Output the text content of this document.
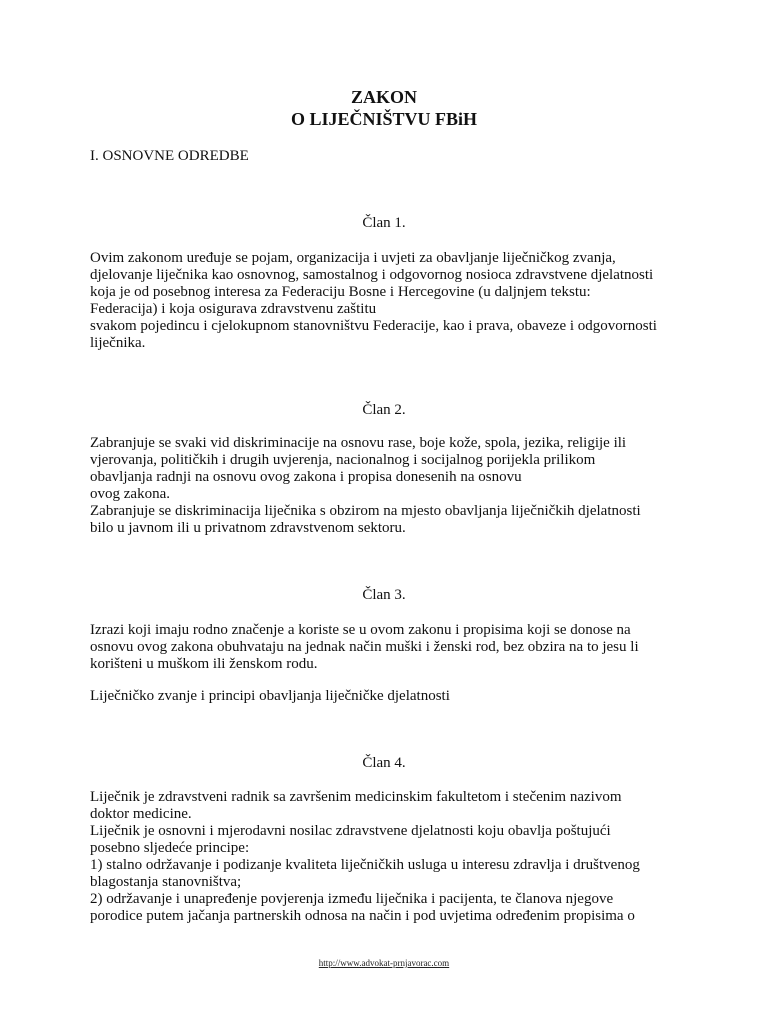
ZAKON
O LIJEČNIŠTVU FBiH

I. OSNOVNE ODREDBE

Član 1.

Ovim zakonom uređuje se pojam, organizacija i uvjeti za obavljanje liječničkog zvanja,
djelovanje liječnika kao osnovnog, samostalnog i odgovornog nosioca zdravstvene djelatnosti
koja je od posebnog interesa za Federaciju Bosne i Hercegovine (u daljnjem tekstu:
Federacija) i koja osigurava zdravstvenu zaštitu
svakom pojedincu i cjelokupnom stanovništvu Federacije, kao i prava, obaveze i odgovornosti
liječnika.

Član 2.

Zabranjuje se svaki vid diskriminacije na osnovu rase, boje kože, spola, jezika, religije ili
vjerovanja, političkih i drugih uvjerenja, nacionalnog i socijalnog porijekla prilikom
obavljanja radnji na osnovu ovog zakona i propisa donesenih na osnovu
ovog zakona.
Zabranjuje se diskriminacija liječnika s obzirom na mjesto obavljanja liječničkih djelatnosti
bilo u javnom ili u privatnom zdravstvenom sektoru.

Član 3.

Izrazi koji imaju rodno značenje a koriste se u ovom zakonu i propisima koji se donose na
osnovu ovog zakona obuhvataju na jednak način muški i ženski rod, bez obzira na to jesu li
korišteni u muškom ili ženskom rodu.

Liječničko zvanje i principi obavljanja liječničke djelatnosti

Član 4.

Liječnik je zdravstveni radnik sa završenim medicinskim fakultetom i stečenim nazivom
doktor medicine.
Liječnik je osnovni i mjerodavni nosilac zdravstvene djelatnosti koju obavlja poštujući
posebno sljedeće principe:
1) stalno održavanje i podizanje kvaliteta liječničkih usluga u interesu zdravlja i društvenog
blagostanja stanovništva;
2) održavanje i unapređenje povjerenja između liječnika i pacijenta, te članova njegove
porodice putem jačanja partnerskih odnosa na način i pod uvjetima određenim propisima o

http://www.advokat-prnjavorac.com
